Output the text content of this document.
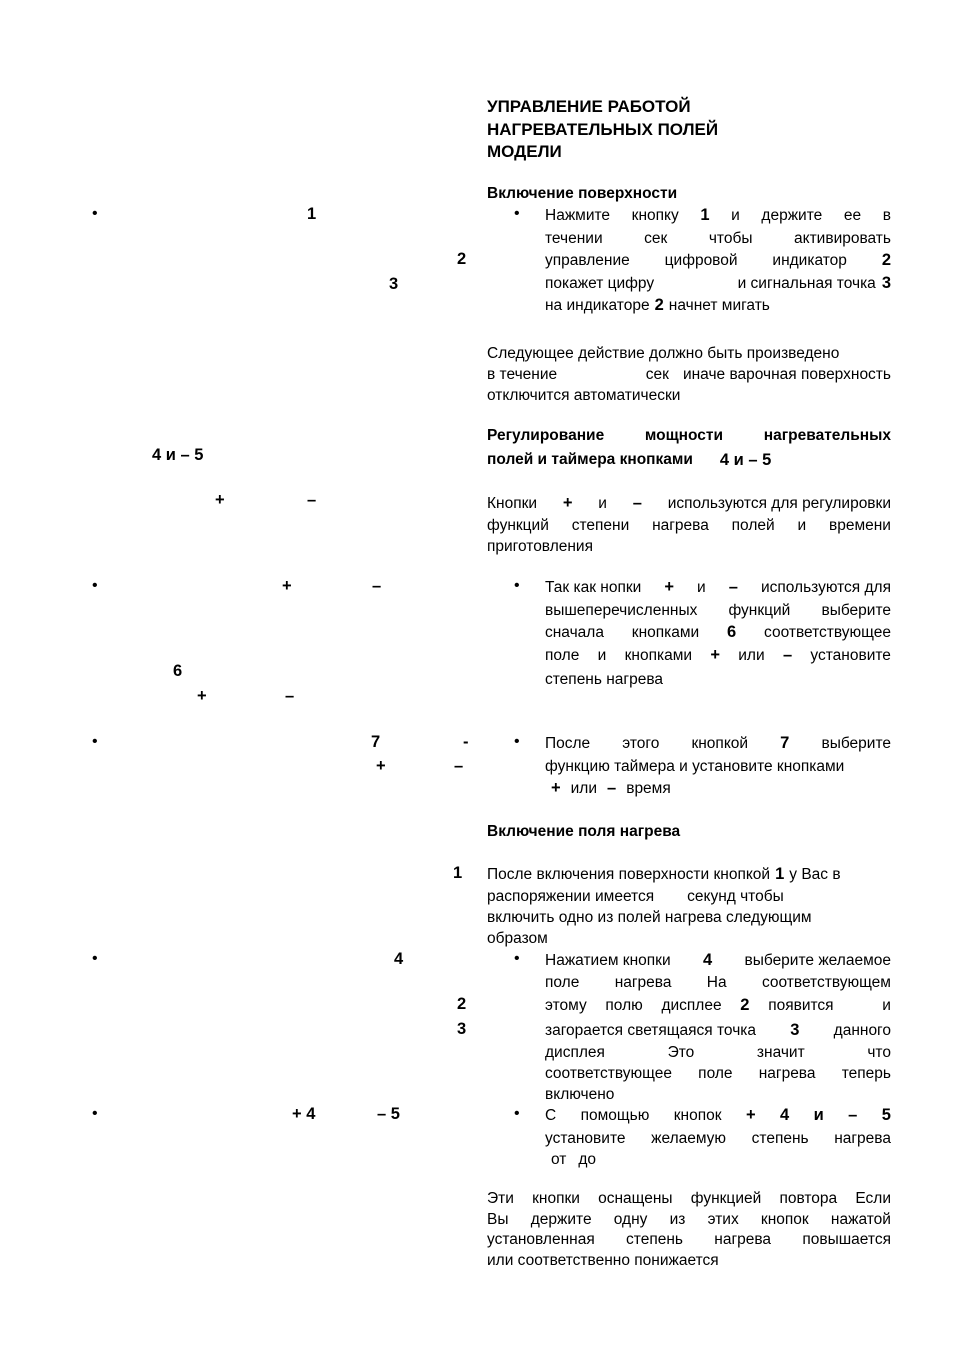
•	1
2
3
4 и – 5
+	–
•	+	–
6
+	–
•	7	-
+	–
1
•	4
2
3
•	+ 4	– 5
УПРАВЛЕНИЕ РАБОТОЙ
НАГРЕВАТЕЛЬНЫХ ПОЛЕЙ
МОДЕЛИ
Включение поверхности
• Нажмите кнопку 1 и держите ее в
течении	сек	чтобы	активировать
управление цифровой индикатор 2
покажет цифру	и сигнальная точка 3
на индикаторе 2 начнет мигать
Следующее действие должно быть произведено
в течение	сек иначе варочная поверхность
отключится автоматически
Регулирование	мощности	нагревательных
полей и таймера кнопками 4 и – 5
Кнопки + и – используются для регулировки
функций степени нагрева полей и времени
приготовления
• Так как нопки + и – используются для
вышеперечисленных функций выберите
сначала кнопками 6 соответствующее
поле и кнопками + или – установите
степень нагрева
• После этого кнопкой 7 выберите
функцию таймера и установите кнопками
+ или – время
Включение поля нагрева
После включения поверхности кнопкой 1 у Вас в
распоряжении имеется секунд чтобы
включить одно из полей нагрева следующим
образом
• Нажатием кнопки 4 выберите желаемое
поле нагрева На соответствующем
этому полю дисплее 2 появится	и
загорается светящаяся точка 3 данного
дисплея	Это	значит	что
соответствующее поле нагрева теперь
включено
• С помощью кнопок + 4 и – 5
установите желаемую степень нагрева
от до
Эти кнопки оснащены функцией повтора Если
Вы держите одну из этих кнопок нажатой
установленная степень нагрева повышается
или соответственно понижается
